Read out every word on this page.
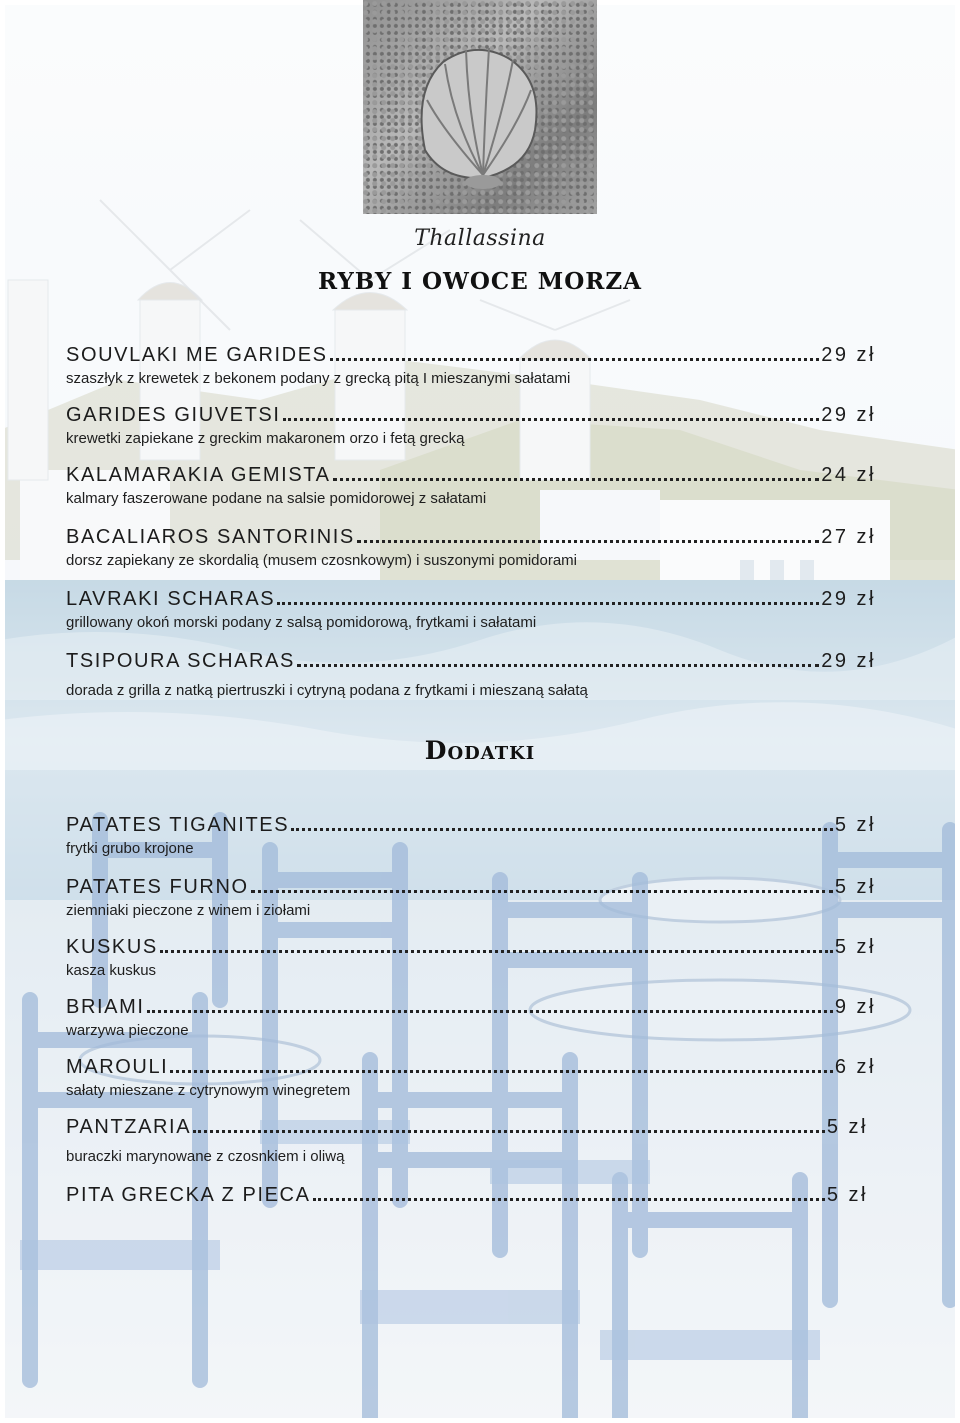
Thallassina
RYBY I OWOCE MORZA
SOUVLAKI ME GARIDES	29 zł
szaszłyk z krewetek z bekonem podany z grecką pitą I mieszanymi sałatami
GARIDES GIUVETSI	29 zł
krewetki zapiekane z greckim makaronem orzo i fetą grecką
KALAMARAKIA GEMISTA	24 zł
kalmary faszerowane podane na salsie pomidorowej z sałatami
BACALIAROS SANTORINIS	27 zł
dorsz zapiekany ze skordalią (musem czosnkowym) i suszonymi pomidorami
LAVRAKI SCHARAS	29 zł
grillowany okoń morski podany z salsą pomidorową, frytkami i sałatami
TSIPOURA SCHARAS	29 zł
dorada z grilla z natką piertruszki i cytryną podana z frytkami i mieszaną sałatą
Dodatki
PATATES TIGANITES	5 zł
frytki grubo krojone
PATATES FURNO	5 zł
ziemniaki pieczone z winem i ziołami
KUSKUS	5 zł
kasza kuskus
BRIAMI	9 zł
warzywa pieczone
MAROULI	6 zł
sałaty mieszane z cytrynowym winegretem
PANTZARIA	5 zł
buraczki marynowane z czosnkiem i oliwą
PITA GRECKA Z PIECA	5 zł
